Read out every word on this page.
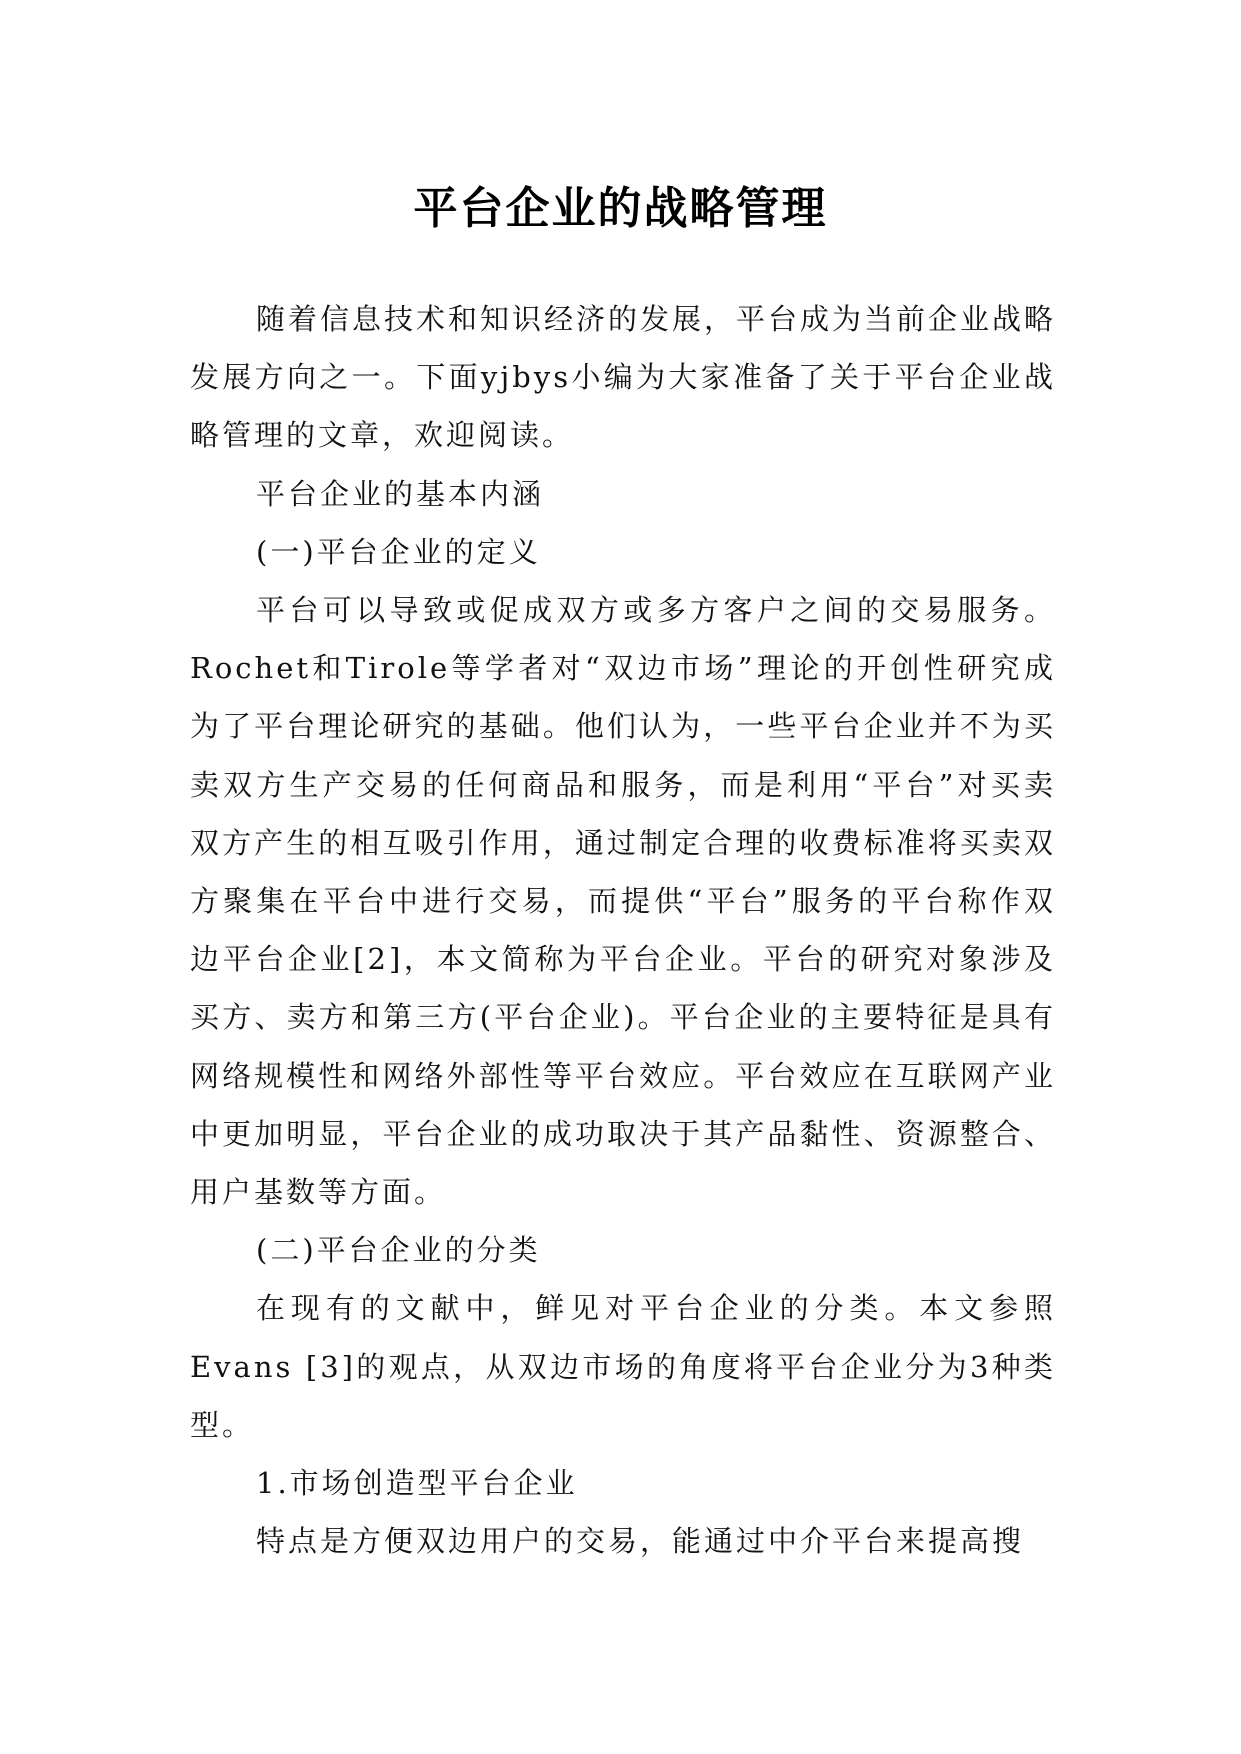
平台企业的战略管理

随着信息技术和知识经济的发展，平台成为当前企业战略发展方向之一。下面yjbys小编为大家准备了关于平台企业战略管理的文章，欢迎阅读。

平台企业的基本内涵

(一)平台企业的定义

平台可以导致或促成双方或多方客户之间的交易服务。Rochet和Tirole等学者对“双边市场”理论的开创性研究成为了平台理论研究的基础。他们认为，一些平台企业并不为买卖双方生产交易的任何商品和服务，而是利用“平台”对买卖双方产生的相互吸引作用，通过制定合理的收费标准将买卖双方聚集在平台中进行交易，而提供“平台”服务的平台称作双边平台企业[2]，本文简称为平台企业。平台的研究对象涉及买方、卖方和第三方(平台企业)。平台企业的主要特征是具有网络规模性和网络外部性等平台效应。平台效应在互联网产业中更加明显，平台企业的成功取决于其产品黏性、资源整合、用户基数等方面。

(二)平台企业的分类

在现有的文献中，鲜见对平台企业的分类。本文参照Evans [3]的观点，从双边市场的角度将平台企业分为3种类型。

1.市场创造型平台企业

特点是方便双边用户的交易，能通过中介平台来提高搜
